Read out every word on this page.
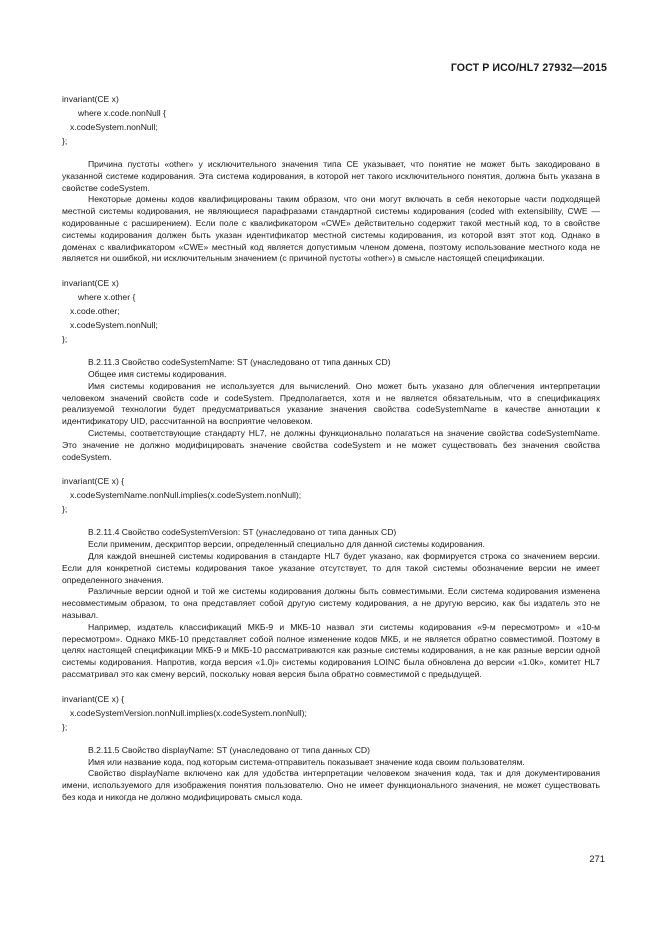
ГОСТ Р ИСО/HL7 27932—2015

invariant(CE x)

where x.code.nonNull {

x.codeSystem.nonNull;

};

Причина пустоты «other» у исключительного значения типа CE указывает, что понятие не может быть закодировано в указанной системе кодирования. Эта система кодирования, в которой нет такого исключительного понятия, должна быть указана в свойстве codeSystem.

Некоторые домены кодов квалифицированы таким образом, что они могут включать в себя некоторые части подходящей местной системы кодирования, не являющиеся парафразами стандартной системы кодирования (coded with extensibility, CWE — кодированные с расширением). Если поле с квалификатором «CWE» действительно содержит такой местный код, то в свойстве системы кодирования должен быть указан идентификатор местной системы кодирования, из которой взят этот код. Однако в доменах с квалификатором «CWE» местный код является допустимым членом домена, поэтому использование местного кода не является ни ошибкой, ни исключительным значением (с причиной пустоты «other») в смысле настоящей спецификации.

invariant(CE x)

where x.other {

x.code.other;

x.codeSystem.nonNull;

};

B.2.11.3 Свойство codeSystemName: ST (унаследовано от типа данных CD)

Общее имя системы кодирования.

Имя системы кодирования не используется для вычислений. Оно может быть указано для облегчения интерпретации человеком значений свойств code и codeSystem. Предполагается, хотя и не является обязательным, что в спецификациях реализуемой технологии будет предусматриваться указание значения свойства codeSystemName в качестве аннотации к идентификатору UID, рассчитанной на восприятие человеком.

Системы, соответствующие стандарту HL7, не должны функционально полагаться на значение свойства codeSystemName. Это значение не должно модифицировать значение свойства codeSystem и не может существовать без значения свойства codeSystem.

invariant(CE x) {

x.codeSystemName.nonNull.implies(x.codeSystem.nonNull);

};

B.2.11.4 Свойство codeSystemVersion: ST (унаследовано от типа данных CD)

Если применим, дескриптор версии, определенный специально для данной системы кодирования.

Для каждой внешней системы кодирования в стандарте HL7 будет указано, как формируется строка со значением версии. Если для конкретной системы кодирования такое указание отсутствует, то для такой системы обозначение версии не имеет определенного значения.

Различные версии одной и той же системы кодирования должны быть совместимыми. Если система кодирования изменена несовместимым образом, то она представляет собой другую систему кодирования, а не другую версию, как бы издатель это не называл.

Например, издатель классификаций МКБ-9 и МКБ-10 назвал эти системы кодирования «9-м пересмотром» и «10-м пересмотром». Однако МКБ-10 представляет собой полное изменение кодов МКБ, и не является обратно совместимой. Поэтому в целях настоящей спецификации МКБ-9 и МКБ-10 рассматриваются как разные системы кодирования, а не как разные версии одной системы кодирования. Напротив, когда версия «1.0j» системы кодирования LOINC была обновлена до версии «1.0k», комитет HL7 рассматривал это как смену версий, поскольку новая версия была обратно совместимой с предыдущей.

invariant(CE x) {

x.codeSystemVersion.nonNull.implies(x.codeSystem.nonNull);

};

B.2.11.5 Свойство displayName: ST (унаследовано от типа данных CD)

Имя или название кода, под которым система-отправитель показывает значение кода своим пользователям.

Свойство displayName включено как для удобства интерпретации человеком значения кода, так и для документирования имени, используемого для изображения понятия пользователю. Оно не имеет функционального значения, не может существовать без кода и никогда не должно модифицировать смысл кода.

271
